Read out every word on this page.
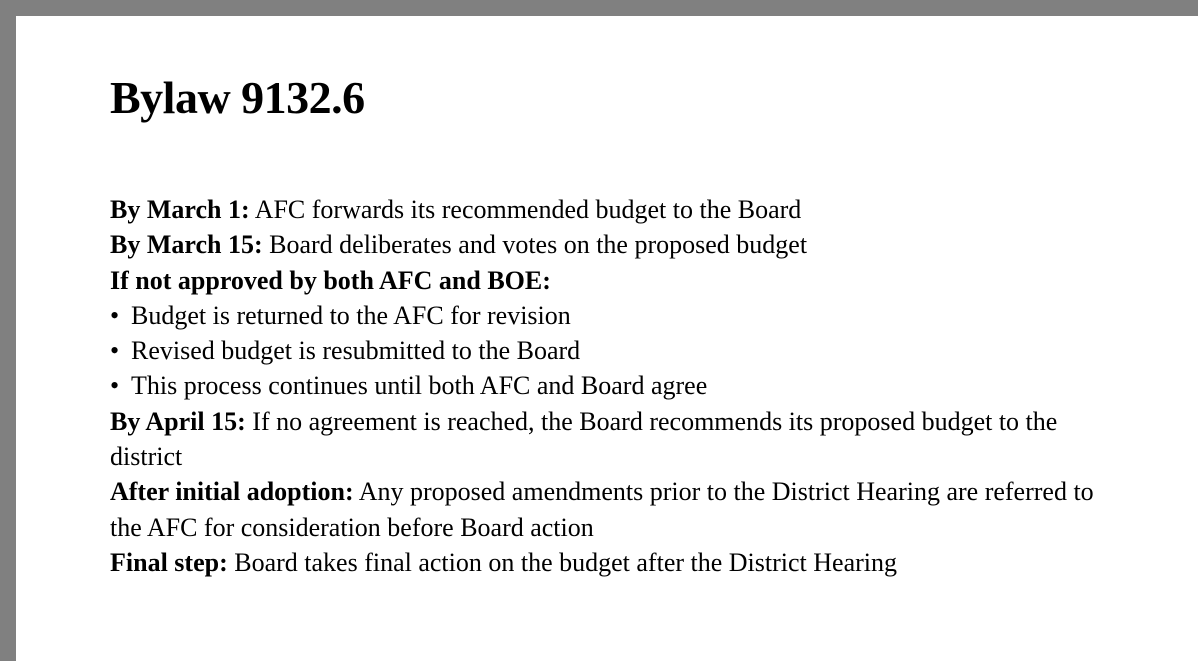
Bylaw 9132.6

By March 1: AFC forwards its recommended budget to the Board

By March 15: Board deliberates and votes on the proposed budget

If not approved by both AFC and BOE:

• Budget is returned to the AFC for revision
• Revised budget is resubmitted to the Board
• This process continues until both AFC and Board agree

By April 15: If no agreement is reached, the Board recommends its proposed budget to the district

After initial adoption: Any proposed amendments prior to the District Hearing are referred to the AFC for consideration before Board action

Final step: Board takes final action on the budget after the District Hearing
